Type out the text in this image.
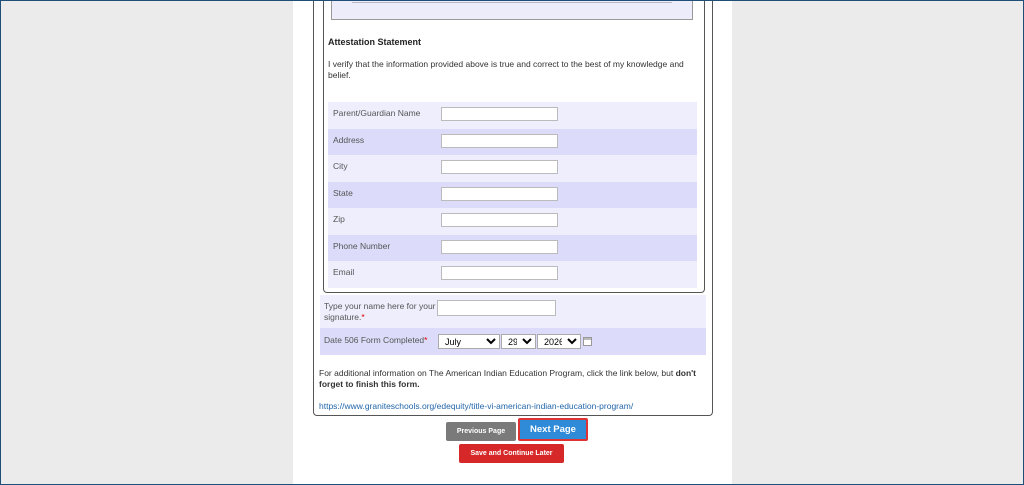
Attestation Statement
I verify that the information provided above is true and correct to the best of my knowledge and belief.
Parent/Guardian Name
Address
City
State
Zip
Phone Number
Email
Type your name here for your signature.*
Date 506 Form Completed*
July
29
2026
For additional information on The American Indian Education Program, click the link below, but don't forget to finish this form.
https://www.graniteschools.org/edequity/title-vi-american-indian-education-program/
Previous Page	Next Page
Save and Continue Later
